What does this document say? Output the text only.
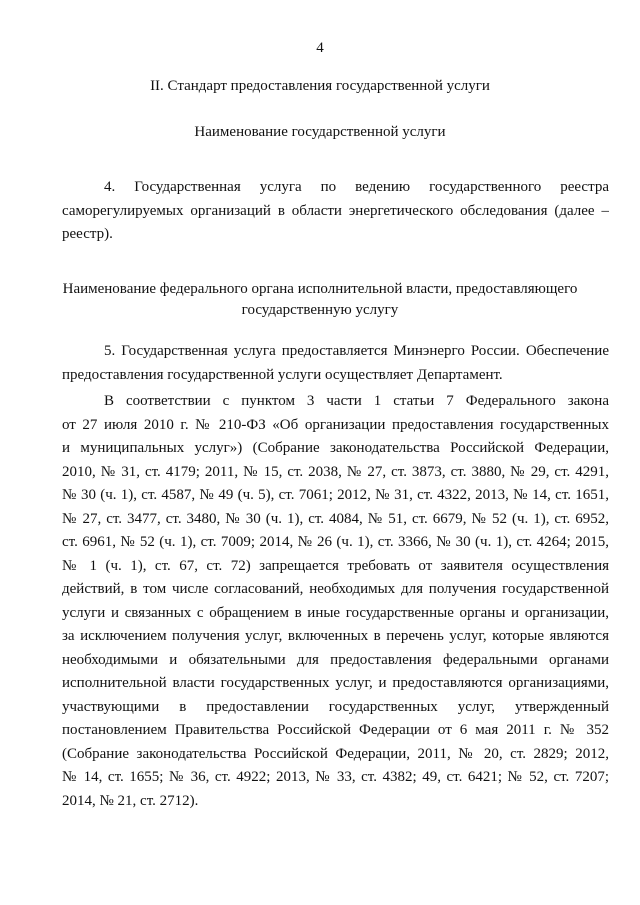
4
II. Стандарт предоставления государственной услуги
Наименование государственной услуги
4. Государственная услуга по ведению государственного реестра
саморегулируемых организаций в области энергетического обследования (далее –
реестр).
Наименование федерального органа исполнительной власти, предоставляющего
государственную услугу
5. Государственная услуга предоставляется Минэнерго России. Обеспечение
предоставления государственной услуги осуществляет Департамент.
В соответствии с пунктом 3 части 1 статьи 7 Федерального закона
от 27 июля 2010 г. № 210-ФЗ «Об организации предоставления государственных
и муниципальных услуг») (Собрание законодательства Российской Федерации,
2010, № 31, ст. 4179; 2011, № 15, ст. 2038, № 27, ст. 3873, ст. 3880, № 29, ст. 4291,
№ 30 (ч. 1), ст. 4587, № 49 (ч. 5), ст. 7061; 2012, № 31, ст. 4322, 2013, № 14, ст. 1651,
№ 27, ст. 3477, ст. 3480, № 30 (ч. 1), ст. 4084, № 51, ст. 6679, № 52 (ч. 1), ст. 6952,
ст. 6961, № 52 (ч. 1), ст. 7009; 2014, № 26 (ч. 1), ст. 3366, № 30 (ч. 1), ст. 4264; 2015,
№ 1 (ч. 1), ст. 67, ст. 72) запрещается требовать от заявителя осуществления
действий, в том числе согласований, необходимых для получения государственной
услуги и связанных с обращением в иные государственные органы и организации,
за исключением получения услуг, включенных в перечень услуг, которые являются
необходимыми и обязательными для предоставления федеральными органами
исполнительной власти государственных услуг, и предоставляются организациями,
участвующими в предоставлении государственных услуг, утвержденный
постановлением Правительства Российской Федерации от 6 мая 2011 г. № 352
(Собрание законодательства Российской Федерации, 2011, № 20, ст. 2829; 2012,
№ 14, ст. 1655; № 36, ст. 4922; 2013, № 33, ст. 4382; 49, ст. 6421; № 52, ст. 7207;
2014, № 21, ст. 2712).
